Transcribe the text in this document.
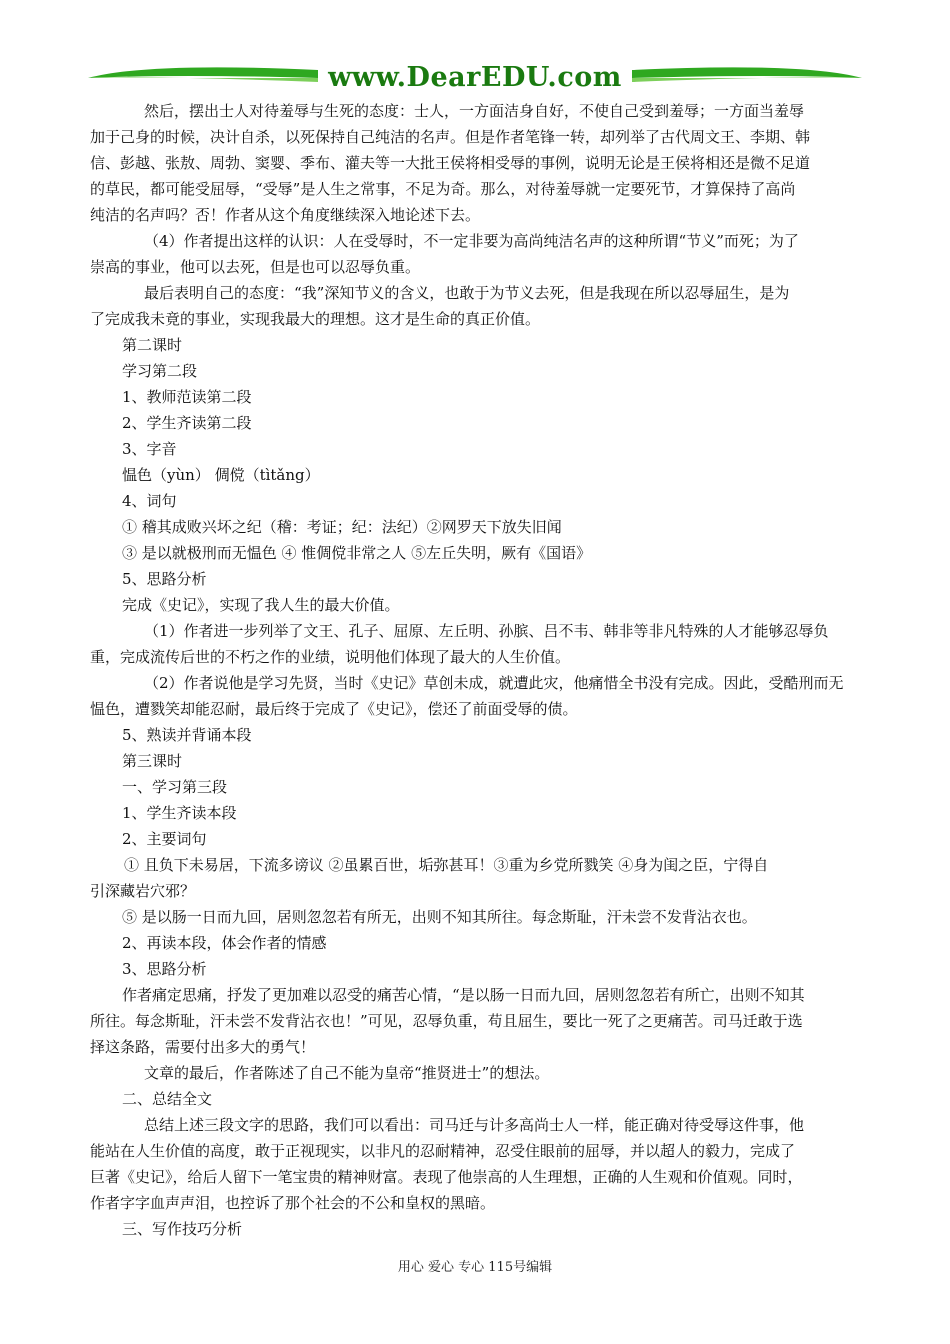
www.DearEDU.com
然后，摆出士人对待羞辱与生死的态度：士人，一方面洁身自好，不使自己受到羞辱；一方面当羞辱
加于己身的时候，决计自杀，以死保持自己纯洁的名声。但是作者笔锋一转，却列举了古代周文王、李期、韩
信、彭越、张敖、周勃、窦婴、季布、灌夫等一大批王侯将相受辱的事例，说明无论是王侯将相还是微不足道
的草民，都可能受屈辱，“受辱”是人生之常事，不足为奇。那么，对待羞辱就一定要死节，才算保持了高尚
纯洁的名声吗？否！作者从这个角度继续深入地论述下去。
（4）作者提出这样的认识：人在受辱时，不一定非要为高尚纯洁名声的这种所谓“节义”而死；为了
崇高的事业，他可以去死，但是也可以忍辱负重。
最后表明自己的态度：“我”深知节义的含义，也敢于为节义去死，但是我现在所以忍辱屈生，是为
了完成我未竟的事业，实现我最大的理想。这才是生命的真正价值。
第二课时
学习第二段
1、教师范读第二段
2、学生齐读第二段
3、字音
愠色（yùn） 倜傥（tìtǎng）
4、词句
① 稽其成败兴坏之纪（稽：考证；纪：法纪）②网罗天下放失旧闻
③ 是以就极刑而无愠色 ④ 惟倜傥非常之人 ⑤左丘失明，厥有《国语》
5、思路分析
完成《史记》，实现了我人生的最大价值。
（1）作者进一步列举了文王、孔子、屈原、左丘明、孙膑、吕不韦、韩非等非凡特殊的人才能够忍辱负
重，完成流传后世的不朽之作的业绩，说明他们体现了最大的人生价值。
（2）作者说他是学习先贤，当时《史记》草创未成，就遭此灾，他痛惜全书没有完成。因此，受酷刑而无
愠色，遭戮笑却能忍耐，最后终于完成了《史记》，偿还了前面受辱的债。
5、熟读并背诵本段
第三课时
一、学习第三段
1、学生齐读本段
2、主要词句
① 且负下未易居，下流多谤议 ②虽累百世，垢弥甚耳！③重为乡党所戮笑 ④身为闺之臣，宁得自
引深藏岩穴邪？
⑤ 是以肠一日而九回，居则忽忽若有所无，出则不知其所往。每念斯耻，汗未尝不发背沾衣也。
2、再读本段，体会作者的情感
3、思路分析
作者痛定思痛，抒发了更加难以忍受的痛苦心情，“是以肠一日而九回，居则忽忽若有所亡，出则不知其
所往。每念斯耻，汗未尝不发背沾衣也！”可见，忍辱负重，苟且屈生，要比一死了之更痛苦。司马迁敢于选
择这条路，需要付出多大的勇气！
文章的最后，作者陈述了自己不能为皇帝“推贤进士”的想法。
二、总结全文
总结上述三段文字的思路，我们可以看出：司马迁与计多高尚士人一样，能正确对待受辱这件事，他
能站在人生价值的高度，敢于正视现实，以非凡的忍耐精神，忍受住眼前的屈辱，并以超人的毅力，完成了
巨著《史记》，给后人留下一笔宝贵的精神财富。表现了他崇高的人生理想，正确的人生观和价值观。同时，
作者字字血声声泪，也控诉了那个社会的不公和皇权的黑暗。
三、写作技巧分析
用心 爱心 专心 115号编辑
